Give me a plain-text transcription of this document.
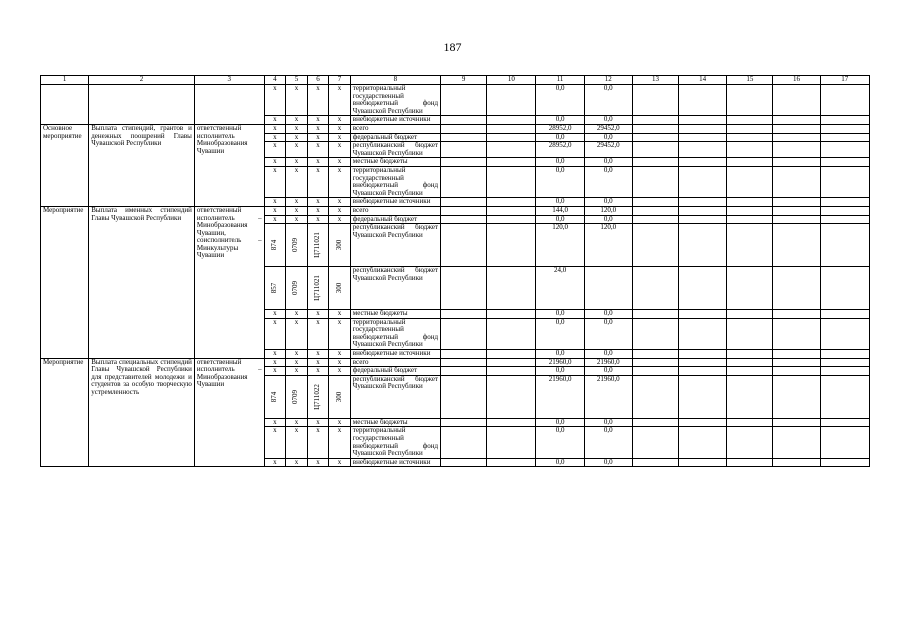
187
1	2	3	4	5	6	7	8	9	10	11	12	13	14	15	16	17
			x	x	x	x	территориальный государственный внебюджетный фонд Чувашской Республики			0,0	0,0					
			x	x	x	x	внебюджетные источники			0,0	0,0					
Основное мероприятие	Выплата стипендий, грантов и денежных поощрений Главы Чувашской Республики	ответственный исполнитель Минобразования Чувашии	x	x	x	x	всего			28952,0	29452,0					
			x	x	x	x	федеральный бюджет			0,0	0,0					
			x	x	x	x	республиканский бюджет Чувашской Республики			28952,0	29452,0					
			x	x	x	x	местные бюджеты			0,0	0,0					
			x	x	x	x	территориальный государственный внебюджетный фонд Чувашской Республики			0,0	0,0					
			x	x	x	x	внебюджетные источники			0,0	0,0					
Мероприятие	Выплата именных стипендий Главы Чувашской Республики	ответственный исполнитель – Минобразования Чувашии, соисполнитель – Минкультуры Чувашии	x	x	x	x	всего			144,0	120,0					
			x	x	x	x	федеральный бюджет			0,0	0,0					

			874	0709	Ц711021	300	республиканский бюджет Чувашской Республики			120,0	120,0					

			857	0709	Ц711021	300	республиканский бюджет Чувашской Республики			24,0						
			x	x	x	x	местные бюджеты			0,0	0,0					
			x	x	x	x	территориальный государственный внебюджетный фонд Чувашской Республики			0,0	0,0					
			x	x	x	x	внебюджетные источники			0,0	0,0					
Мероприятие	Выплата специальных стипендий Главы Чувашской Республики для представителей молодежи и студентов за особую творческую устремленность	ответственный исполнитель – Минобразования Чувашии	x	x	x	x	всего			21960,0	21960,0					
			x	x	x	x	федеральный бюджет			0,0	0,0					

			874	0709	Ц711022	300	республиканский бюджет Чувашской Республики			21960,0	21960,0					
			x	x	x	x	местные бюджеты			0,0	0,0					
			x	x	x	x	территориальный государственный внебюджетный фонд Чувашской Республики			0,0	0,0					
			x	x	x	x	внебюджетные источники			0,0	0,0					
